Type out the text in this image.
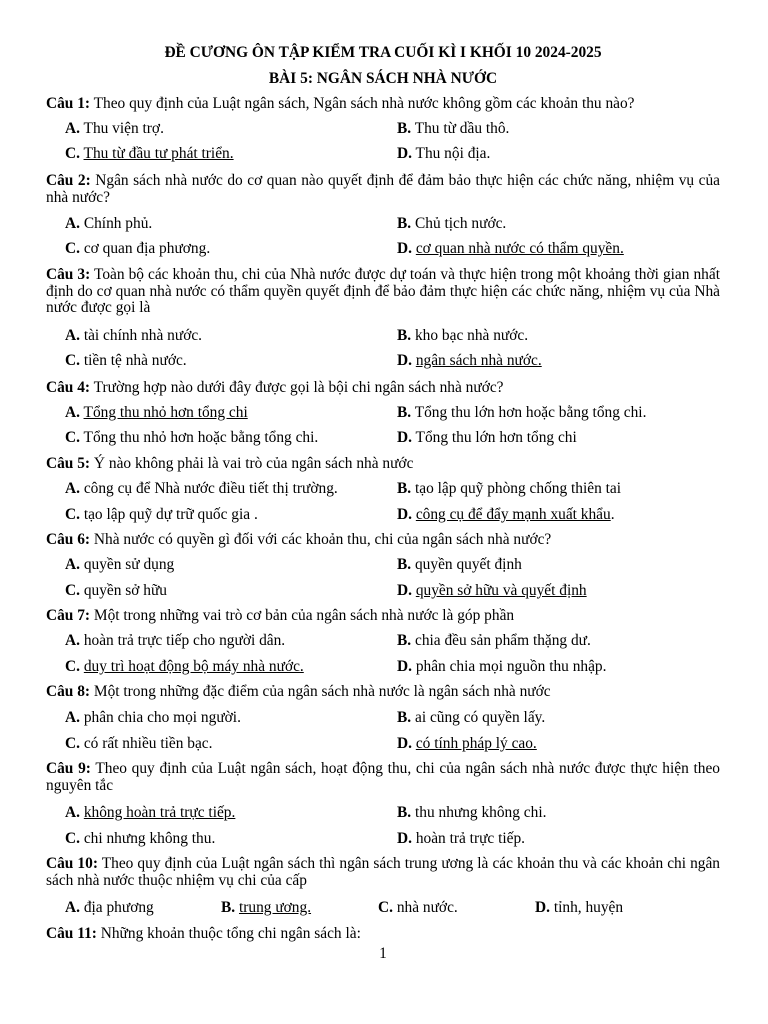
ĐỀ CƯƠNG ÔN TẬP KIỂM TRA CUỐI KÌ I KHỐI 10 2024-2025
BÀI 5: NGÂN SÁCH NHÀ NƯỚC
Câu 1: Theo quy định của Luật ngân sách, Ngân sách nhà nước không gồm các khoản thu nào?
A. Thu viện trợ.	B. Thu từ dầu thô.
C. Thu từ đầu tư phát triển.	D. Thu nội địa.
Câu 2: Ngân sách nhà nước do cơ quan nào quyết định để đảm bảo thực hiện các chức năng, nhiệm vụ của nhà nước?
A. Chính phủ.	B. Chủ tịch nước.
C. cơ quan địa phương.	D. cơ quan nhà nước có thẩm quyền.
Câu 3: Toàn bộ các khoản thu, chi của Nhà nước được dự toán và thực hiện trong một khoảng thời gian nhất định do cơ quan nhà nước có thẩm quyền quyết định để bảo đảm thực hiện các chức năng, nhiệm vụ của Nhà nước được gọi là
A. tài chính nhà nước.	B. kho bạc nhà nước.
C. tiền tệ nhà nước.	D. ngân sách nhà nước.
Câu 4: Trường hợp nào dưới đây được gọi là bội chi ngân sách nhà nước?
A. Tổng thu nhỏ hơn tổng chi	B. Tổng thu lớn hơn hoặc bằng tổng chi.
C. Tổng thu nhỏ hơn hoặc bằng tổng chi.	D. Tổng thu lớn hơn tổng chi
Câu 5: Ý nào không phải là vai trò của ngân sách nhà nước
A. công cụ để Nhà nước điều tiết thị trường.	B. tạo lập quỹ phòng chống thiên tai
C. tạo lập quỹ dự trữ quốc gia .	D. công cụ để đẩy mạnh xuất khẩu.
Câu 6: Nhà nước có quyền gì đối với các khoản thu, chi của ngân sách nhà nước?
A. quyền sử dụng	B. quyền quyết định
C. quyền sở hữu	D. quyền sở hữu và quyết định
Câu 7: Một trong những vai trò cơ bản của ngân sách nhà nước là góp phần
A. hoàn trả trực tiếp cho người dân.	B. chia đều sản phẩm thặng dư.
C. duy trì hoạt động bộ máy nhà nước.	D. phân chia mọi nguồn thu nhập.
Câu 8: Một trong những đặc điểm của ngân sách nhà nước là ngân sách nhà nước
A. phân chia cho mọi người.	B. ai cũng có quyền lấy.
C. có rất nhiều tiền bạc.	D. có tính pháp lý cao.
Câu 9: Theo quy định của Luật ngân sách, hoạt động thu, chi của ngân sách nhà nước được thực hiện theo nguyên tắc
A. không hoàn trả trực tiếp.	B. thu nhưng không chi.
C. chi nhưng không thu.	D. hoàn trả trực tiếp.
Câu 10: Theo quy định của Luật ngân sách thì ngân sách trung ương là các khoản thu và các khoản chi ngân sách nhà nước thuộc nhiệm vụ chi của cấp
A. địa phương	B. trung ương.	C. nhà nước.	D. tỉnh, huyện
Câu 11: Những khoản thuộc tổng chi ngân sách là:
1
